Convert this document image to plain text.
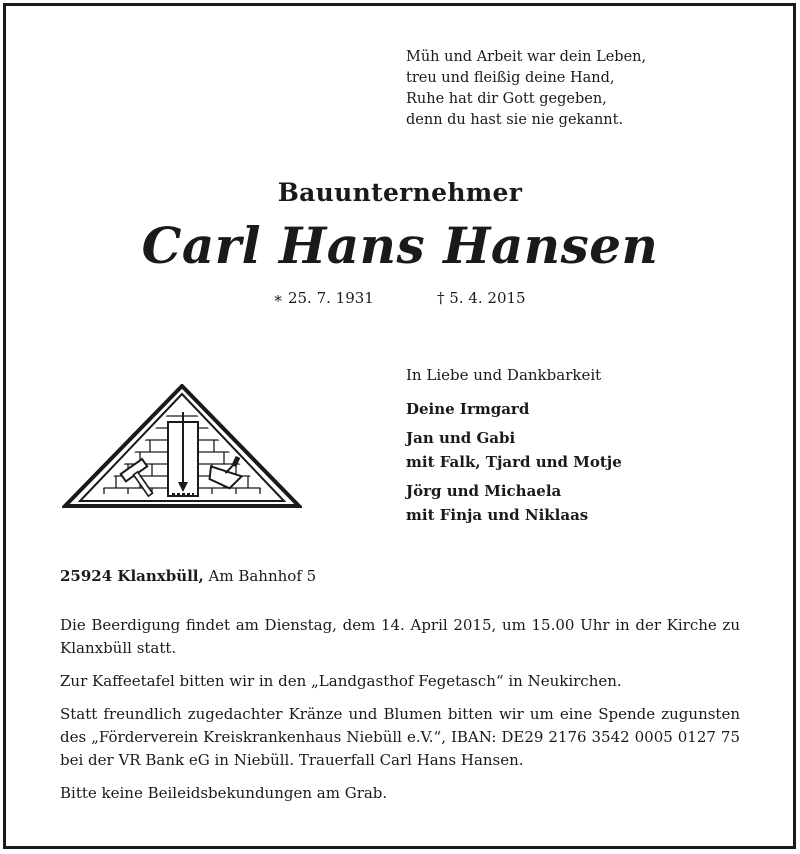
Müh und Arbeit war dein Leben,
treu und fleißig deine Hand,
Ruhe hat dir Gott gegeben,
denn du hast sie nie gekannt.
Bauunternehmer
Carl Hans Hansen
∗ 25. 7. 1931	† 5. 4. 2015
In Liebe und Dankbarkeit
Deine Irmgard
Jan und Gabi
mit Falk, Tjard und Motje
Jörg und Michaela
mit Finja und Niklaas
25924 Klanxbüll, Am Bahnhof 5

Die Beerdigung findet am Dienstag, dem 14. April 2015, um 15.00 Uhr in der Kirche zu Klanxbüll statt.

Zur Kaffeetafel bitten wir in den „Landgasthof Fegetasch“ in Neukirchen.

Statt freundlich zugedachter Kränze und Blumen bitten wir um eine Spende zugunsten des „Förderverein Kreiskrankenhaus Niebüll e.V.“, IBAN: DE29 2176 3542 0005 0127 75 bei der VR Bank eG in Niebüll. Trauerfall Carl Hans Hansen.

Bitte keine Beileidsbekundungen am Grab.
